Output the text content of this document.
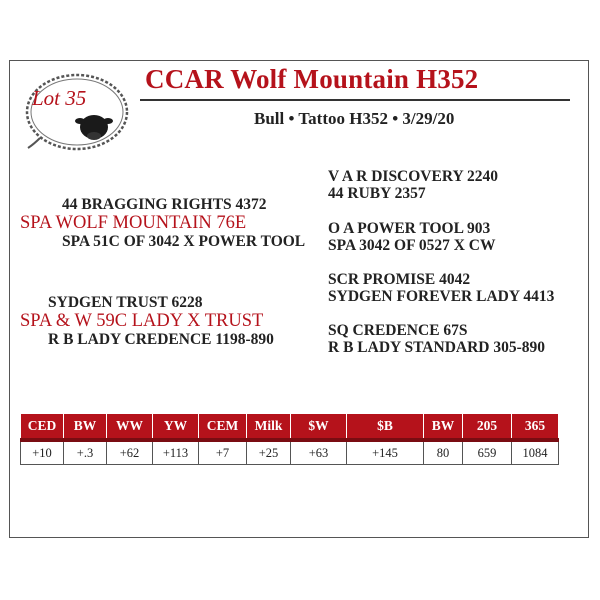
Lot 35
CCAR Wolf Mountain H352
Bull • Tattoo H352 • 3/29/20
44 BRAGGING RIGHTS 4372
SPA WOLF MOUNTAIN 76E
SPA 51C OF 3042 X POWER TOOL
V A R DISCOVERY 2240
44 RUBY 2357
O A POWER TOOL 903
SPA 3042 OF 0527 X CW
SYDGEN TRUST 6228
SPA & W 59C LADY X TRUST
R B LADY CREDENCE 1198-890
SCR PROMISE 4042
SYDGEN FOREVER LADY 4413
SQ CREDENCE 67S
R B LADY STANDARD 305-890
CED	BW	WW	YW	CEM	Milk	$W	$B	BW	205	365
+10	+.3	+62	+113	+7	+25	+63	+145	80	659	1084
